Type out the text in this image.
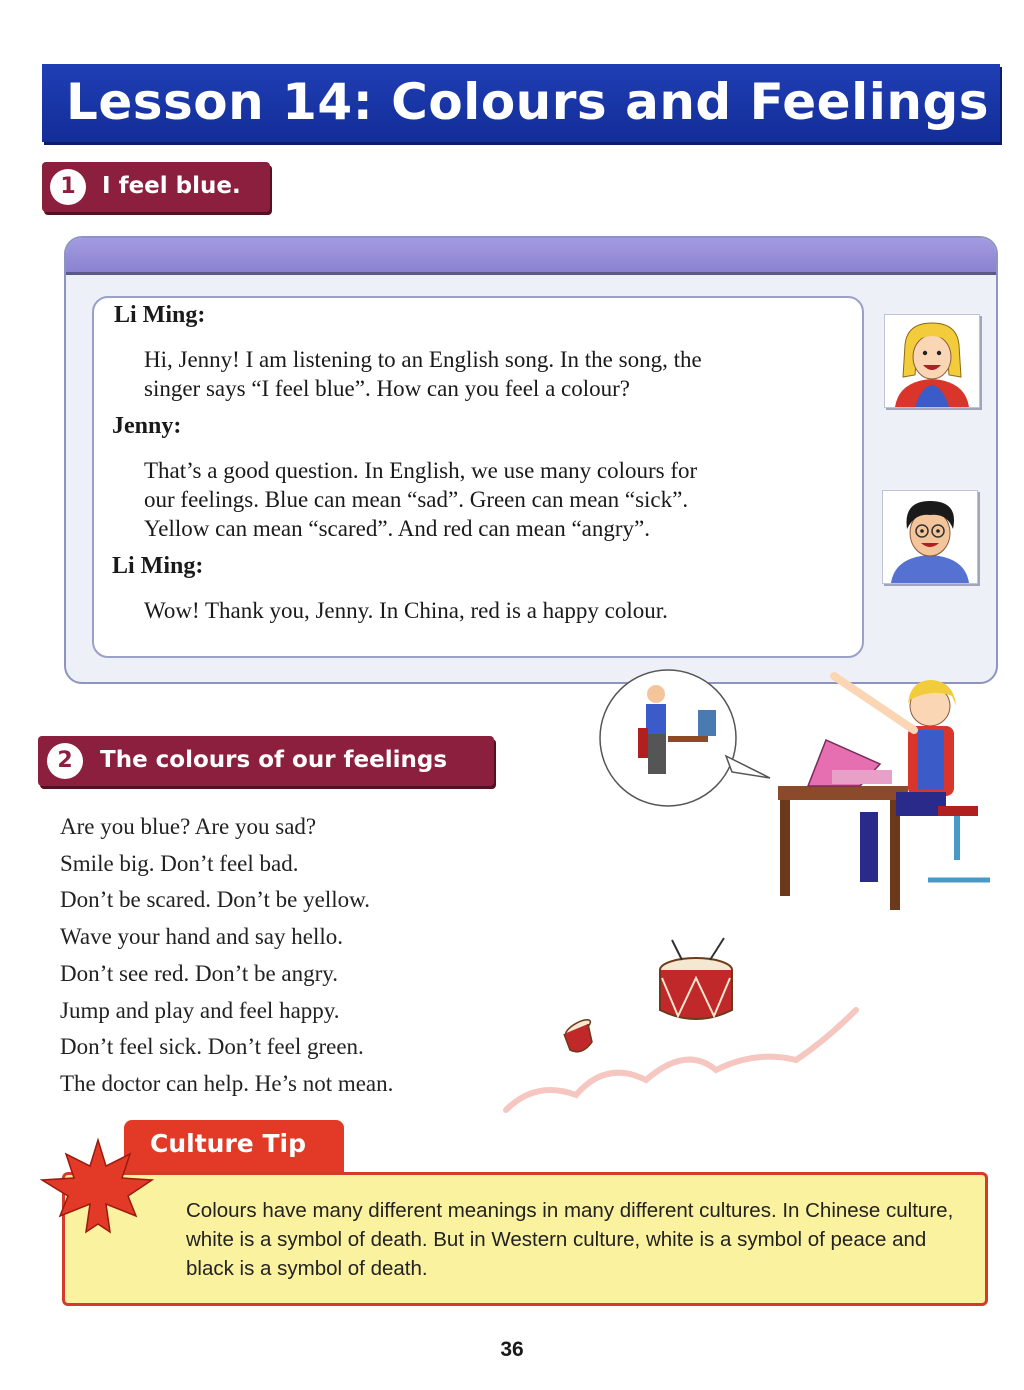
Lesson 14: Colours and Feelings
1	I feel blue.
Li Ming:
Hi, Jenny! I am listening to an English song. In the song, the
singer says “I feel blue”. How can you feel a colour?
Jenny:
That’s a good question. In English, we use many colours for
our feelings. Blue can mean “sad”. Green can mean “sick”.
Yellow can mean “scared”. And red can mean “angry”.
Li Ming:
Wow! Thank you, Jenny. In China, red is a happy colour.
2	The colours of our feelings
Are you blue? Are you sad?
Smile big. Don’t feel bad.
Don’t be scared. Don’t be yellow.
Wave your hand and say hello.
Don’t see red. Don’t be angry.
Jump and play and feel happy.
Don’t feel sick. Don’t feel green.
The doctor can help. He’s not mean.
Culture Tip
Colours have many different meanings in many different cultures. In Chinese culture, white is a symbol of death. But in Western culture, white is a symbol of peace and black is a symbol of death.
36
